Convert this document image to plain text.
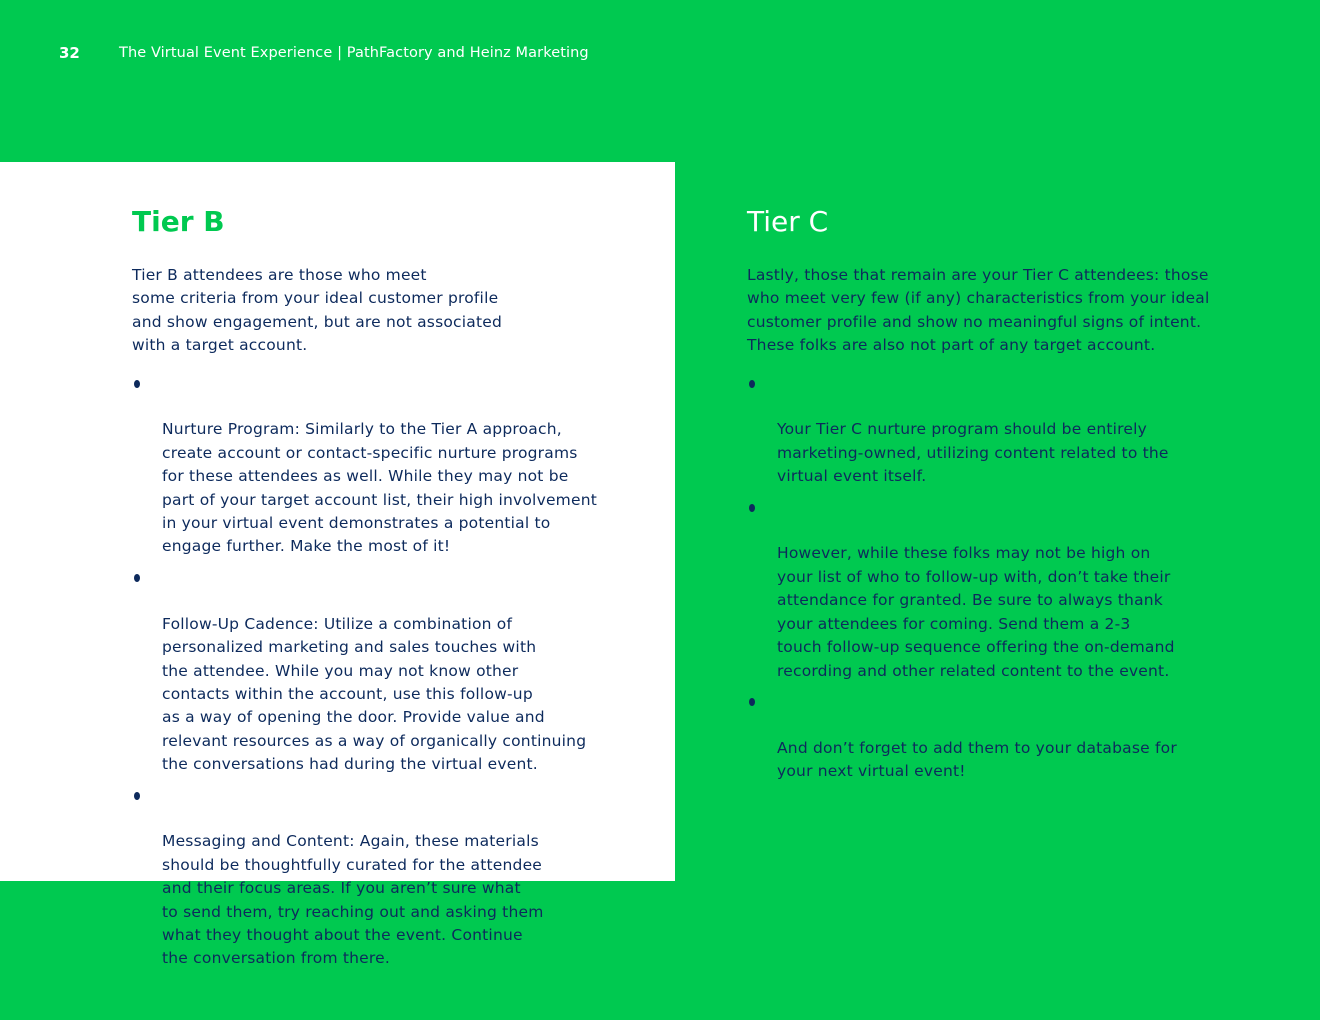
32	The Virtual Event Experience | PathFactory and Heinz Marketing
Tier B

Tier B attendees are those who meet
some criteria from your ideal customer profile
and show engagement, but are not associated
with a target account.

Nurture Program: Similarly to the Tier A approach,
create account or contact-specific nurture programs
for these attendees as well. While they may not be
part of your target account list, their high involvement
in your virtual event demonstrates a potential to
engage further. Make the most of it!

Follow-Up Cadence: Utilize a combination of
personalized marketing and sales touches with
the attendee. While you may not know other
contacts within the account, use this follow-up
as a way of opening the door. Provide value and
relevant resources as a way of organically continuing
the conversations had during the virtual event.

Messaging and Content: Again, these materials
should be thoughtfully curated for the attendee
and their focus areas. If you aren’t sure what
to send them, try reaching out and asking them
what they thought about the event. Continue
the conversation from there.

Tier C

Lastly, those that remain are your Tier C attendees: those
who meet very few (if any) characteristics from your ideal
customer profile and show no meaningful signs of intent.
These folks are also not part of any target account.

Your Tier C nurture program should be entirely
marketing-owned, utilizing content related to the
virtual event itself.

However, while these folks may not be high on
your list of who to follow-up with, don’t take their
attendance for granted. Be sure to always thank
your attendees for coming. Send them a 2-3
touch follow-up sequence offering the on-demand
recording and other related content to the event.

And don’t forget to add them to your database for
your next virtual event!
